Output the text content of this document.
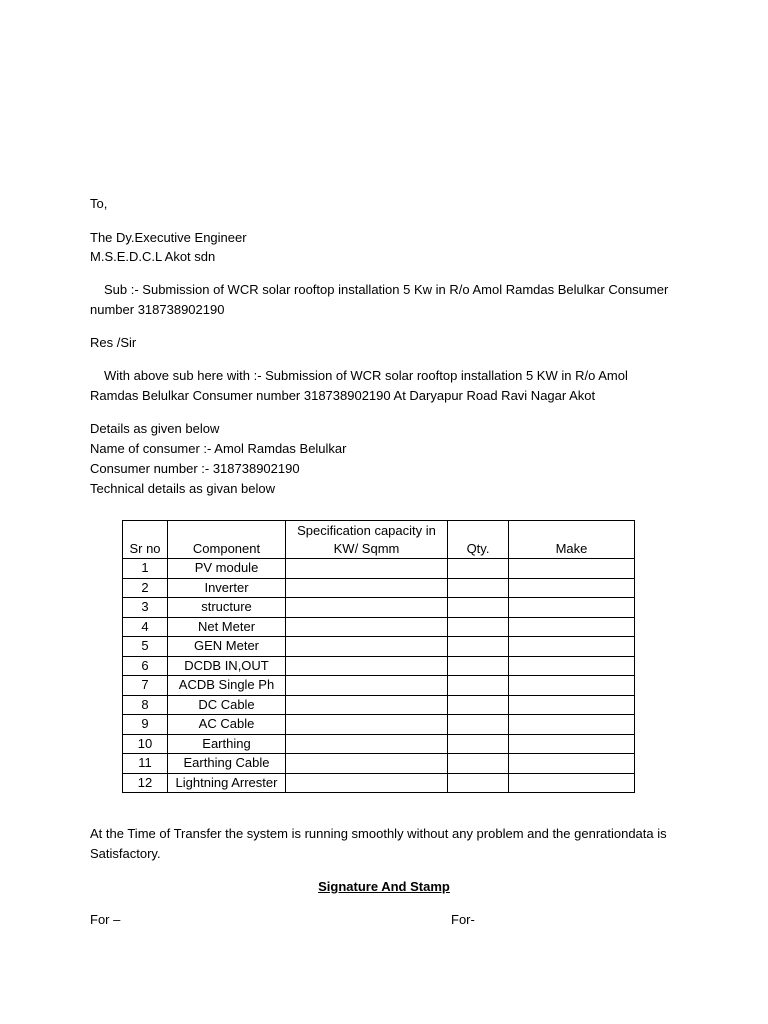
To,
The Dy.Executive Engineer
M.S.E.D.C.L Akot sdn
Sub :- Submission of WCR solar rooftop installation 5 Kw in R/o Amol Ramdas Belulkar Consumer number 318738902190
Res /Sir
With above sub here with :- Submission of WCR solar rooftop installation 5 KW in R/o Amol Ramdas Belulkar Consumer number 318738902190 At Daryapur Road Ravi Nagar Akot
Details as given below
Name of consumer :- Amol Ramdas Belulkar
Consumer number :- 318738902190
Technical details as givan below
Sr no	Component	Specification capacity in KW/ Sqmm	Qty.	Make
1	PV module			
2	Inverter			
3	structure			
4	Net Meter			
5	GEN Meter			
6	DCDB IN,OUT			
7	ACDB Single Ph			
8	DC Cable			
9	AC Cable			
10	Earthing			
11	Earthing Cable			
12	Lightning Arrester			
At the Time of Transfer the system is running smoothly without any problem and the genrationdata is Satisfactory.
Signature And Stamp
For –	For-
